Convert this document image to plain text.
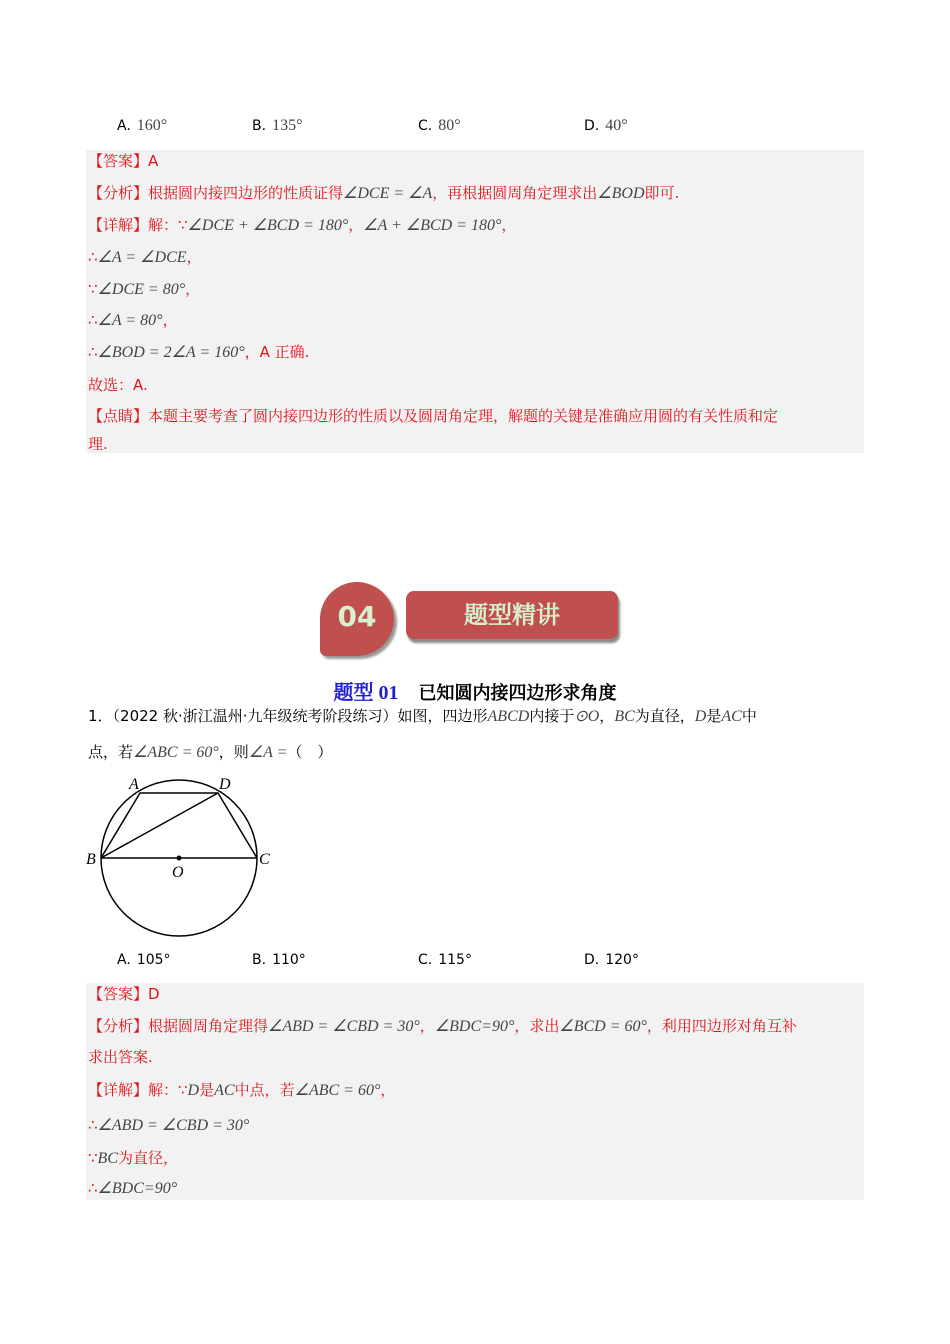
A. 160°	B. 135°	C. 80°	D. 40°
【答案】A
【分析】根据圆内接四边形的性质证得∠DCE = ∠A，再根据圆周角定理求出∠BOD即可.
【详解】解：∵∠DCE + ∠BCD = 180°，∠A + ∠BCD = 180°，
∴∠A = ∠DCE，
∵∠DCE = 80°，
∴∠A = 80°，
∴∠BOD = 2∠A = 160°，A 正确.
故选：A.
【点睛】本题主要考查了圆内接四边形的性质以及圆周角定理，解题的关键是准确应用圆的有关性质和定
理.
04	题型精讲
题型 01 已知圆内接四边形求角度
1．（2022 秋·浙江温州·九年级统考阶段练习）如图，四边形ABCD内接于⊙O，BC为直径，D是AC中
点，若∠ABC = 60°，则∠A =（　）
A
B	C
D
O
A. 105°	B. 110°	C. 115°	D. 120°
【答案】D
【分析】根据圆周角定理得∠ABD = ∠CBD = 30°，∠BDC=90°，求出∠BCD = 60°，利用四边形对角互补
求出答案.
【详解】解：∵D是AC中点，若∠ABC = 60°，
∴∠ABD = ∠CBD = 30°
∵BC为直径，
∴∠BDC=90°
